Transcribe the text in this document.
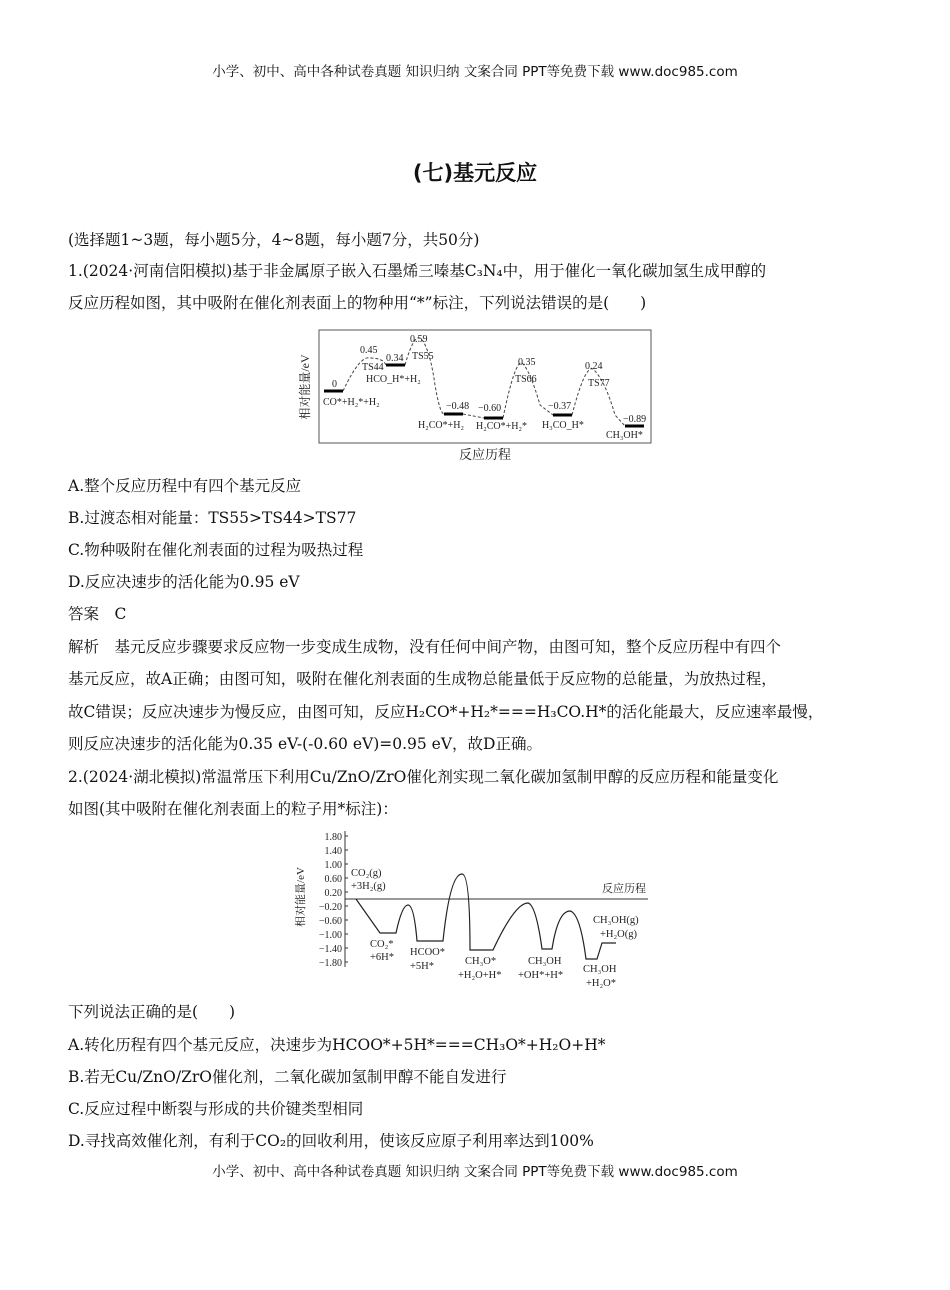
小学、初中、高中各种试卷真题 知识归纳 文案合同 PPT等免费下载 www.doc985.com
(七)基元反应
(选择题1~3题，每小题5分，4~8题，每小题7分，共50分)
1.(2024·河南信阳模拟)基于非金属原子嵌入石墨烯三嗪基C₃N₄中，用于催化一氧化碳加氢生成甲醇的
反应历程如图，其中吸附在催化剂表面上的物种用“*”标注，下列说法错误的是(　　)
相对能量/eV
反应历程
0
0.45
0.34
0.59
−0.48 −0.60
0.35
−0.37
0.24
−0.89
TS44
TS55
TS66	TS77
CO*+H₂*+H₂
HCO_H*+H₂
H₂CO*+H₂ H₂CO*+H₂* H₃CO_H*
CH₃OH*
A.整个反应历程中有四个基元反应
B.过渡态相对能量：TS55>TS44>TS77
C.物种吸附在催化剂表面的过程为吸热过程
D.反应决速步的活化能为0.95 eV
答案　C
解析　基元反应步骤要求反应物一步变成生成物，没有任何中间产物，由图可知，整个反应历程中有四个
基元反应，故A正确；由图可知，吸附在催化剂表面的生成物总能量低于反应物的总能量，为放热过程，
故C错误；反应决速步为慢反应，由图可知，反应H₂CO*+H₂*===H₃CO.H*的活化能最大，反应速率最慢，
则反应决速步的活化能为0.35 eV-(-0.60 eV)=0.95 eV，故D正确。
2.(2024·湖北模拟)常温常压下利用Cu/ZnO/ZrO催化剂实现二氧化碳加氢制甲醇的反应历程和能量变化
如图(其中吸附在催化剂表面上的粒子用*标注)：
1.80
1.40
1.00
0.60
0.20
−0.20
−0.60
−1.00
−1.40
−1.80
相对能量/eV	反应历程
CO₂(g)
+3H₂(g)
CO₂*
+6H* HCOO*
+5H*	CH₃O*
+H₂O+H*
CH₃OH
+OH*+H*
CH₃OH
+H₂O*
CH₃OH(g)
+H₂O(g)
下列说法正确的是(　　)
A.转化历程有四个基元反应，决速步为HCOO*+5H*===CH₃O*+H₂O+H*
B.若无Cu/ZnO/ZrO催化剂，二氧化碳加氢制甲醇不能自发进行
C.反应过程中断裂与形成的共价键类型相同
D.寻找高效催化剂，有利于CO₂的回收利用，使该反应原子利用率达到100%
小学、初中、高中各种试卷真题 知识归纳 文案合同 PPT等免费下载 www.doc985.com
